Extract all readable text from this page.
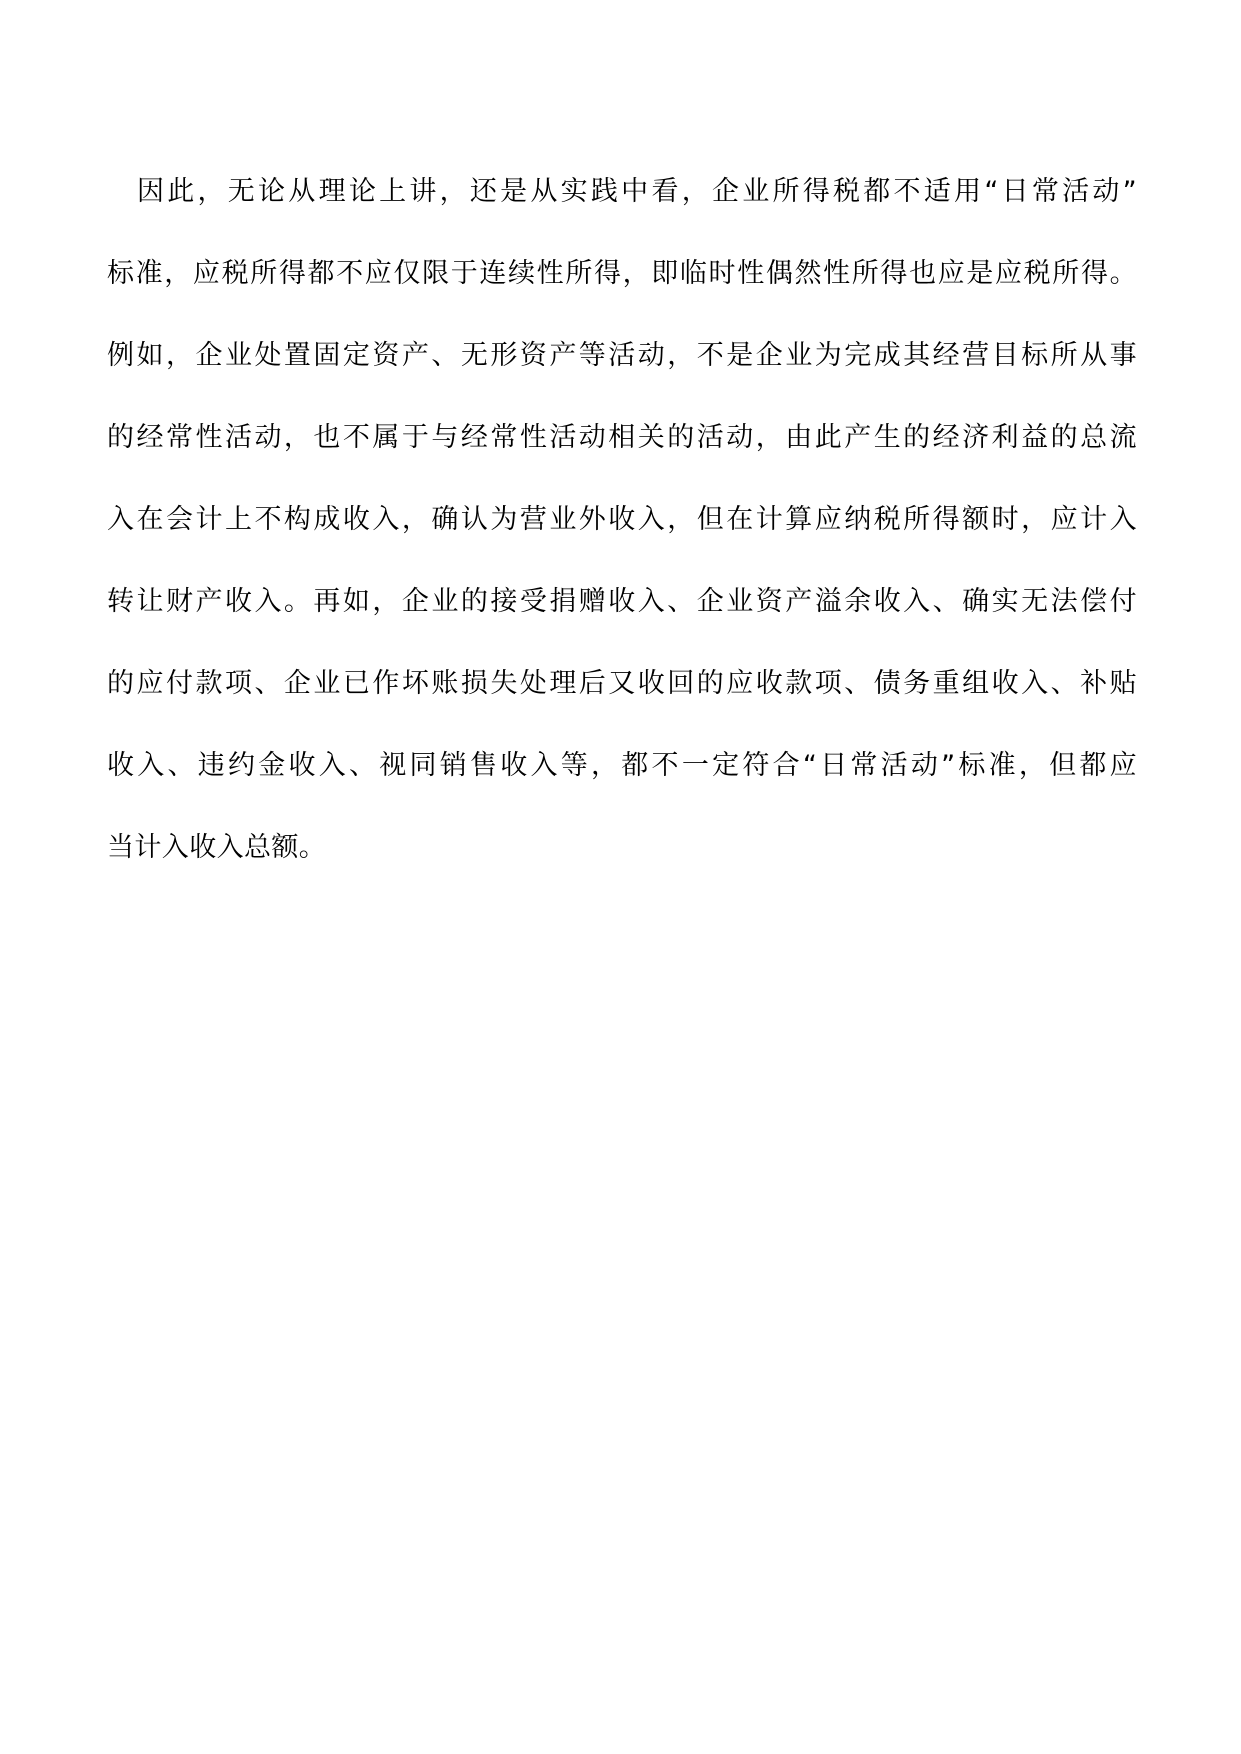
因此，无论从理论上讲，还是从实践中看，企业所得税都不适用“日常活动”
标准，应税所得都不应仅限于连续性所得，即临时性偶然性所得也应是应税所得。
例如，企业处置固定资产、无形资产等活动，不是企业为完成其经营目标所从事
的经常性活动，也不属于与经常性活动相关的活动，由此产生的经济利益的总流
入在会计上不构成收入，确认为营业外收入，但在计算应纳税所得额时，应计入
转让财产收入。再如，企业的接受捐赠收入、企业资产溢余收入、确实无法偿付
的应付款项、企业已作坏账损失处理后又收回的应收款项、债务重组收入、补贴
收入、违约金收入、视同销售收入等，都不一定符合“日常活动”标准，但都应
当计入收入总额。
